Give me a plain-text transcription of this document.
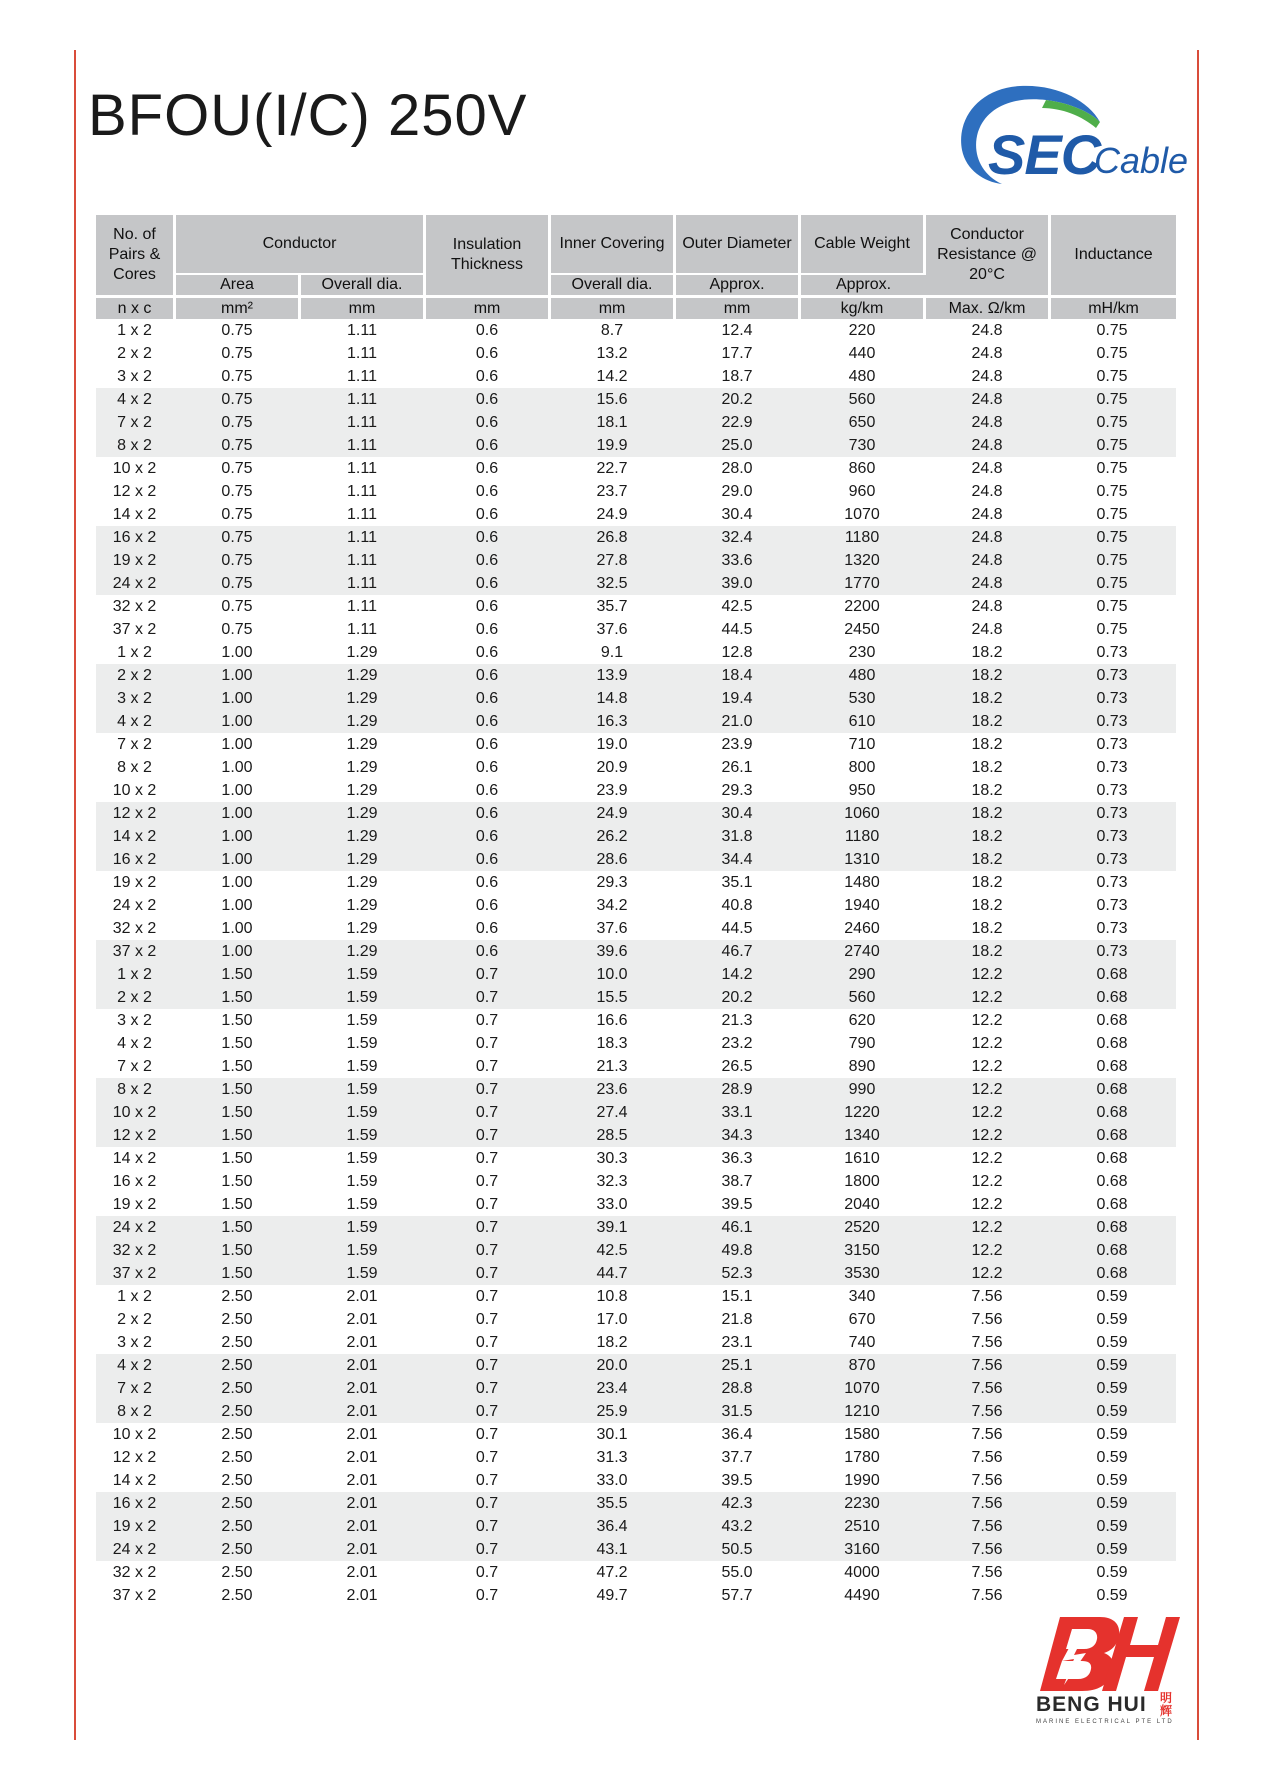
BFOU(I/C) 250V
SEC
Cable
No. of Pairs & Cores	Conductor		Insulation Thickness	Inner Covering	Outer Diameter	Cable Weight	Conductor Resistance @ 20°C	Inductance
	Area	Overall dia.		Overall dia.	Approx.	Approx.		
n x c	mm²	mm	mm	mm	mm	kg/km	Max. Ω/km	mH/km
1 x 2	0.75	1.11	0.6	8.7	12.4	220	24.8	0.75
2 x 2	0.75	1.11	0.6	13.2	17.7	440	24.8	0.75
3 x 2	0.75	1.11	0.6	14.2	18.7	480	24.8	0.75
4 x 2	0.75	1.11	0.6	15.6	20.2	560	24.8	0.75
7 x 2	0.75	1.11	0.6	18.1	22.9	650	24.8	0.75
8 x 2	0.75	1.11	0.6	19.9	25.0	730	24.8	0.75
10 x 2	0.75	1.11	0.6	22.7	28.0	860	24.8	0.75
12 x 2	0.75	1.11	0.6	23.7	29.0	960	24.8	0.75
14 x 2	0.75	1.11	0.6	24.9	30.4	1070	24.8	0.75
16 x 2	0.75	1.11	0.6	26.8	32.4	1180	24.8	0.75
19 x 2	0.75	1.11	0.6	27.8	33.6	1320	24.8	0.75
24 x 2	0.75	1.11	0.6	32.5	39.0	1770	24.8	0.75
32 x 2	0.75	1.11	0.6	35.7	42.5	2200	24.8	0.75
37 x 2	0.75	1.11	0.6	37.6	44.5	2450	24.8	0.75
1 x 2	1.00	1.29	0.6	9.1	12.8	230	18.2	0.73
2 x 2	1.00	1.29	0.6	13.9	18.4	480	18.2	0.73
3 x 2	1.00	1.29	0.6	14.8	19.4	530	18.2	0.73
4 x 2	1.00	1.29	0.6	16.3	21.0	610	18.2	0.73
7 x 2	1.00	1.29	0.6	19.0	23.9	710	18.2	0.73
8 x 2	1.00	1.29	0.6	20.9	26.1	800	18.2	0.73
10 x 2	1.00	1.29	0.6	23.9	29.3	950	18.2	0.73
12 x 2	1.00	1.29	0.6	24.9	30.4	1060	18.2	0.73
14 x 2	1.00	1.29	0.6	26.2	31.8	1180	18.2	0.73
16 x 2	1.00	1.29	0.6	28.6	34.4	1310	18.2	0.73
19 x 2	1.00	1.29	0.6	29.3	35.1	1480	18.2	0.73
24 x 2	1.00	1.29	0.6	34.2	40.8	1940	18.2	0.73
32 x 2	1.00	1.29	0.6	37.6	44.5	2460	18.2	0.73
37 x 2	1.00	1.29	0.6	39.6	46.7	2740	18.2	0.73
1 x 2	1.50	1.59	0.7	10.0	14.2	290	12.2	0.68
2 x 2	1.50	1.59	0.7	15.5	20.2	560	12.2	0.68
3 x 2	1.50	1.59	0.7	16.6	21.3	620	12.2	0.68
4 x 2	1.50	1.59	0.7	18.3	23.2	790	12.2	0.68
7 x 2	1.50	1.59	0.7	21.3	26.5	890	12.2	0.68
8 x 2	1.50	1.59	0.7	23.6	28.9	990	12.2	0.68
10 x 2	1.50	1.59	0.7	27.4	33.1	1220	12.2	0.68
12 x 2	1.50	1.59	0.7	28.5	34.3	1340	12.2	0.68
14 x 2	1.50	1.59	0.7	30.3	36.3	1610	12.2	0.68
16 x 2	1.50	1.59	0.7	32.3	38.7	1800	12.2	0.68
19 x 2	1.50	1.59	0.7	33.0	39.5	2040	12.2	0.68
24 x 2	1.50	1.59	0.7	39.1	46.1	2520	12.2	0.68
32 x 2	1.50	1.59	0.7	42.5	49.8	3150	12.2	0.68
37 x 2	1.50	1.59	0.7	44.7	52.3	3530	12.2	0.68
1 x 2	2.50	2.01	0.7	10.8	15.1	340	7.56	0.59
2 x 2	2.50	2.01	0.7	17.0	21.8	670	7.56	0.59
3 x 2	2.50	2.01	0.7	18.2	23.1	740	7.56	0.59
4 x 2	2.50	2.01	0.7	20.0	25.1	870	7.56	0.59
7 x 2	2.50	2.01	0.7	23.4	28.8	1070	7.56	0.59
8 x 2	2.50	2.01	0.7	25.9	31.5	1210	7.56	0.59
10 x 2	2.50	2.01	0.7	30.1	36.4	1580	7.56	0.59
12 x 2	2.50	2.01	0.7	31.3	37.7	1780	7.56	0.59
14 x 2	2.50	2.01	0.7	33.0	39.5	1990	7.56	0.59
16 x 2	2.50	2.01	0.7	35.5	42.3	2230	7.56	0.59
19 x 2	2.50	2.01	0.7	36.4	43.2	2510	7.56	0.59
24 x 2	2.50	2.01	0.7	43.1	50.5	3160	7.56	0.59
32 x 2	2.50	2.01	0.7	47.2	55.0	4000	7.56	0.59
37 x 2	2.50	2.01	0.7	49.7	57.7	4490	7.56	0.59
BENG HUI
MARINE ELECTRICAL PTE LTD
明辉
